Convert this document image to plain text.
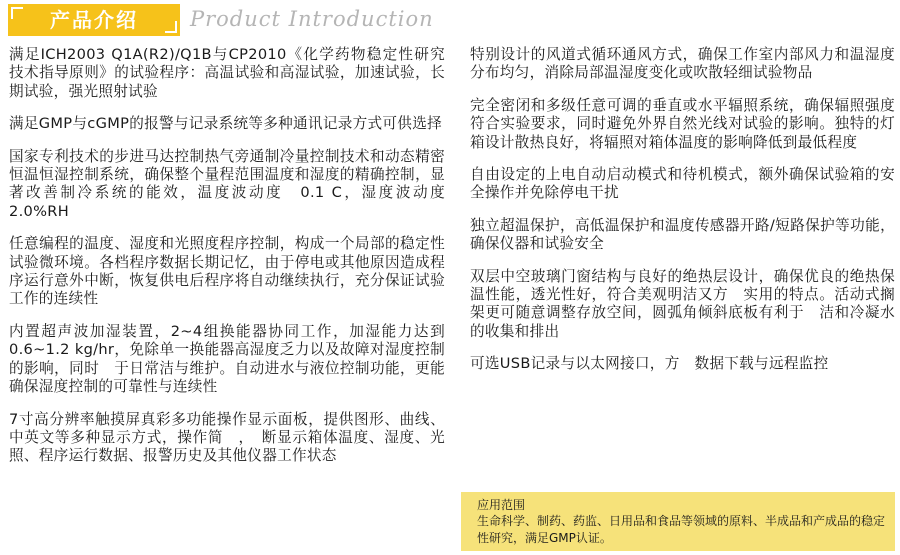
产品介绍	Product Introduction

满足ICH2003 Q1A(R2)/Q1B与CP2010《化学药物稳定性研究技术指导原则》的试验程序：高温试验和高湿试验，加速试验，长期试验，强光照射试验

满足GMP与cGMP的报警与记录系统等多种通讯记录方式可供选择

国家专利技术的步进马达控制热气旁通制冷量控制技术和动态精密恒温恒湿控制系统，确保整个量程范围温度和湿度的精确控制，显著改善制冷系统的能效，温度波动度　0.1 C，湿度波动度　2.0%RH

任意编程的温度、湿度和光照度程序控制，构成一个局部的稳定性试验微环境。各档程序数据长期记忆，由于停电或其他原因造成程序运行意外中断，恢复供电后程序将自动继续执行，充分保证试验工作的连续性

内置超声波加湿装置，2~4组换能器协同工作，加湿能力达到 0.6~1.2 kg/hr，免除单一换能器高湿度乏力以及故障对湿度控制的影响，同时　于日常洁与维护。自动进水与液位控制功能，更能确保湿度控制的可靠性与连续性

7寸高分辨率触摸屏真彩多功能操作显示面板，提供图形、曲线、中英文等多种显示方式，操作简　，　断显示箱体温度、湿度、光照、程序运行数据、报警历史及其他仪器工作状态

特别设计的风道式循环通风方式，确保工作室内部风力和温湿度分布均匀，消除局部温湿度变化或吹散轻细试验物品

完全密闭和多级任意可调的垂直或水平辐照系统，确保辐照强度符合实验要求，同时避免外界自然光线对试验的影响。独特的灯箱设计散热良好，将辐照对箱体温度的影响降低到最低程度

自由设定的上电自动启动模式和待机模式，额外确保试验箱的安全操作并免除停电干扰

独立超温保护，高低温保护和温度传感器开路/短路保护等功能，确保仪器和试验安全

双层中空玻璃门窗结构与良好的绝热层设计，确保优良的绝热保温性能，透光性好，符合美观明洁又方　实用的特点。活动式搁架更可随意调整存放空间，圆弧角倾斜底板有利于　洁和冷凝水的收集和排出

可选USB记录与以太网接口，方　数据下载与远程监控

应用范围
生命科学、制药、药监、日用品和食品等领域的原料、半成品和产成品的稳定性研究，满足GMP认证。
